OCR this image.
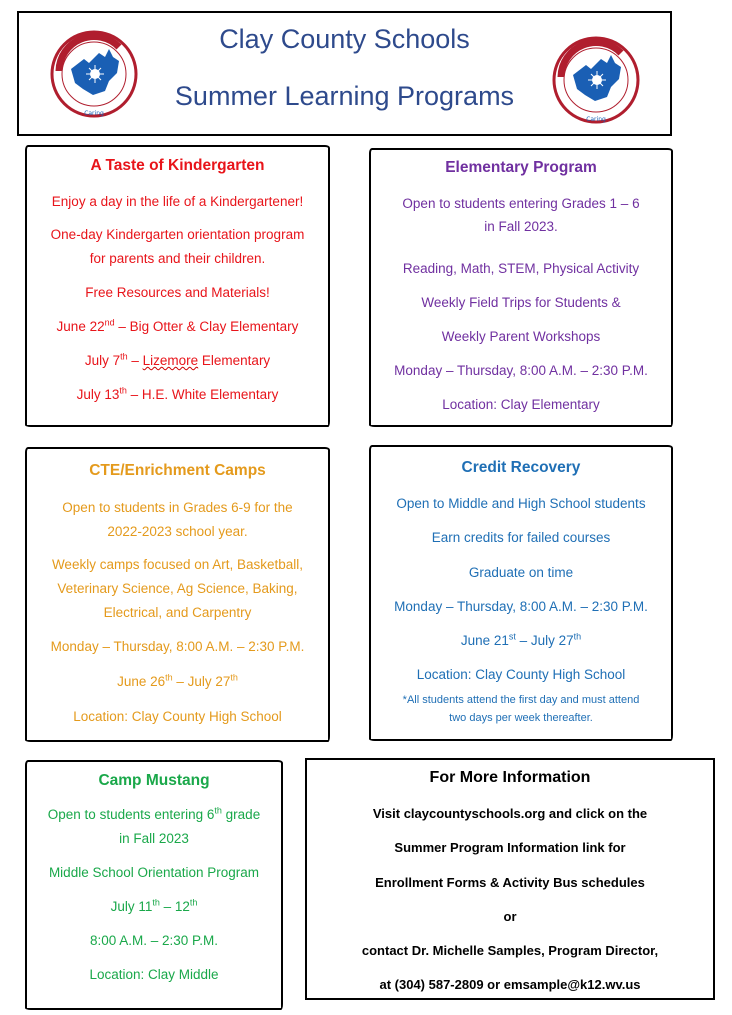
Caring
Caring
Clay County Schools
Summer Learning Programs

A Taste of Kindergarten

Enjoy a day in the life of a Kindergartener!

One-day Kindergarten orientation program

for parents and their children.

Free Resources and Materials!

June 22nd – Big Otter & Clay Elementary

July 7th – Lizemore Elementary

July 13th – H.E. White Elementary

Elementary Program

Open to students entering Grades 1 – 6

in Fall 2023.

Reading, Math, STEM, Physical Activity

Weekly Field Trips for Students &

Weekly Parent Workshops

Monday – Thursday, 8:00 A.M. – 2:30 P.M.

Location: Clay Elementary

CTE/Enrichment Camps

Open to students in Grades 6-9 for the

2022-2023 school year.

Weekly camps focused on Art, Basketball,

Veterinary Science, Ag Science, Baking,

Electrical, and Carpentry

Monday – Thursday, 8:00 A.M. – 2:30 P.M.

June 26th – July 27th

Location: Clay County High School

Credit Recovery

Open to Middle and High School students

Earn credits for failed courses

Graduate on time

Monday – Thursday, 8:00 A.M. – 2:30 P.M.

June 21st – July 27th

Location: Clay County High School

*All students attend the first day and must attend

two days per week thereafter.

Camp Mustang

Open to students entering 6th grade

in Fall 2023

Middle School Orientation Program

July 11th – 12th

8:00 A.M. – 2:30 P.M.

Location: Clay Middle

For More Information

Visit claycountyschools.org and click on the

Summer Program Information link for

Enrollment Forms & Activity Bus schedules

or

contact Dr. Michelle Samples, Program Director,

at (304) 587-2809 or emsample@k12.wv.us
